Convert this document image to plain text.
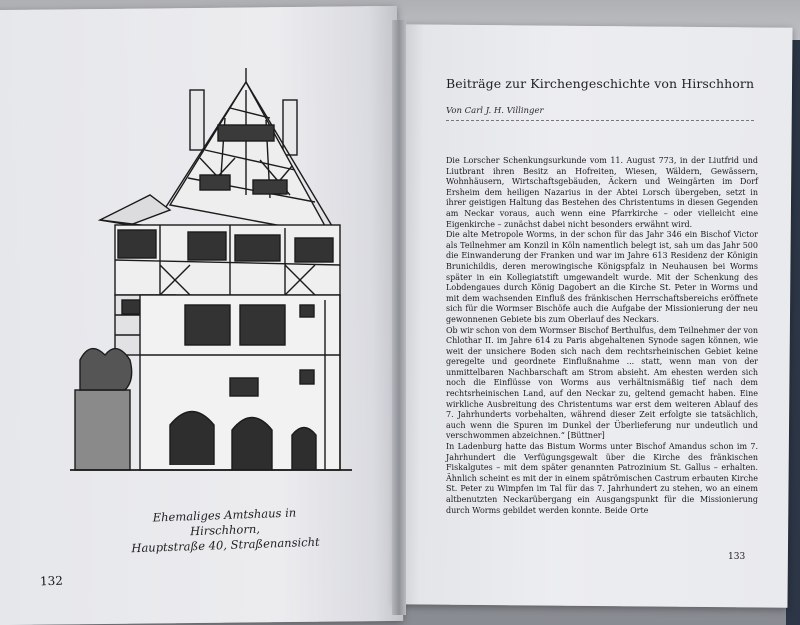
Ehemaliges Amtshaus in Hirschhorn,
Hauptstraße 40, Straßenansicht
132
Beiträge zur Kirchengeschichte von Hirschhorn
Von Carl J. H. Villinger

Die Lorscher Schenkungsurkunde vom 11. August 773, in der Liutfrid und Liutbrant ihren Besitz an Hofreiten, Wiesen, Wäldern, Gewässern, Wohnhäusern, Wirtschaftsgebäuden, Äckern und Weingärten im Dorf Ersheim dem heiligen Nazarius in der Abtei Lorsch übergeben, setzt in ihrer geistigen Haltung das Bestehen des Christentums in diesen Gegenden am Neckar voraus, auch wenn eine Pfarrkirche – oder vielleicht eine Eigenkirche – zunächst dabei nicht besonders erwähnt wird.

Die alte Metropole Worms, in der schon für das Jahr 346 ein Bischof Victor als Teilnehmer am Konzil in Köln namentlich belegt ist, sah um das Jahr 500 die Einwanderung der Franken und war im Jahre 613 Residenz der Königin Brunichildis, deren merowingische Königspfalz in Neuhausen bei Worms später in ein Kollegiatstift umgewandelt wurde. Mit der Schenkung des Lobdengaues durch König Dagobert an die Kirche St. Peter in Worms und mit dem wachsenden Einfluß des fränkischen Herrschaftsbereichs eröffnete sich für die Wormser Bischöfe auch die Aufgabe der Missionierung der neu gewonnenen Gebiete bis zum Oberlauf des Neckars.

Ob wir schon von dem Wormser Bischof Berthulfus, dem Teilnehmer der von Chlothar II. im Jahre 614 zu Paris abgehaltenen Synode sagen können, wie weit der unsichere Boden sich nach dem rechtsrheinischen Gebiet keine geregelte und geordnete Einflußnahme ... statt, wenn man von der unmittelbaren Nachbarschaft am Strom absieht. Am ehesten werden sich noch die Einflüsse von Worms aus verhältnismäßig tief nach dem rechtsrheinischen Land, auf den Neckar zu, geltend gemacht haben. Eine wirkliche Ausbreitung des Christentums war erst dem weiteren Ablauf des 7. Jahrhunderts vorbehalten, während dieser Zeit erfolgte sie tatsächlich, auch wenn die Spuren im Dunkel der Überlieferung nur undeutlich und verschwommen abzeichnen.“ [Büttner]

In Ladenburg hatte das Bistum Worms unter Bischof Amandus schon im 7. Jahrhundert die Verfügungsgewalt über die Kirche des fränkischen Fiskalgutes – mit dem später genannten Patrozinium St. Gallus – erhalten. Ähnlich scheint es mit der in einem spätrömischen Castrum erbauten Kirche St. Peter zu Wimpfen im Tal für das 7. Jahrhundert zu stehen, wo an einem altbenutzten Neckarübergang ein Ausgangspunkt für die Missionierung durch Worms gebildet werden konnte. Beide Orte

133
